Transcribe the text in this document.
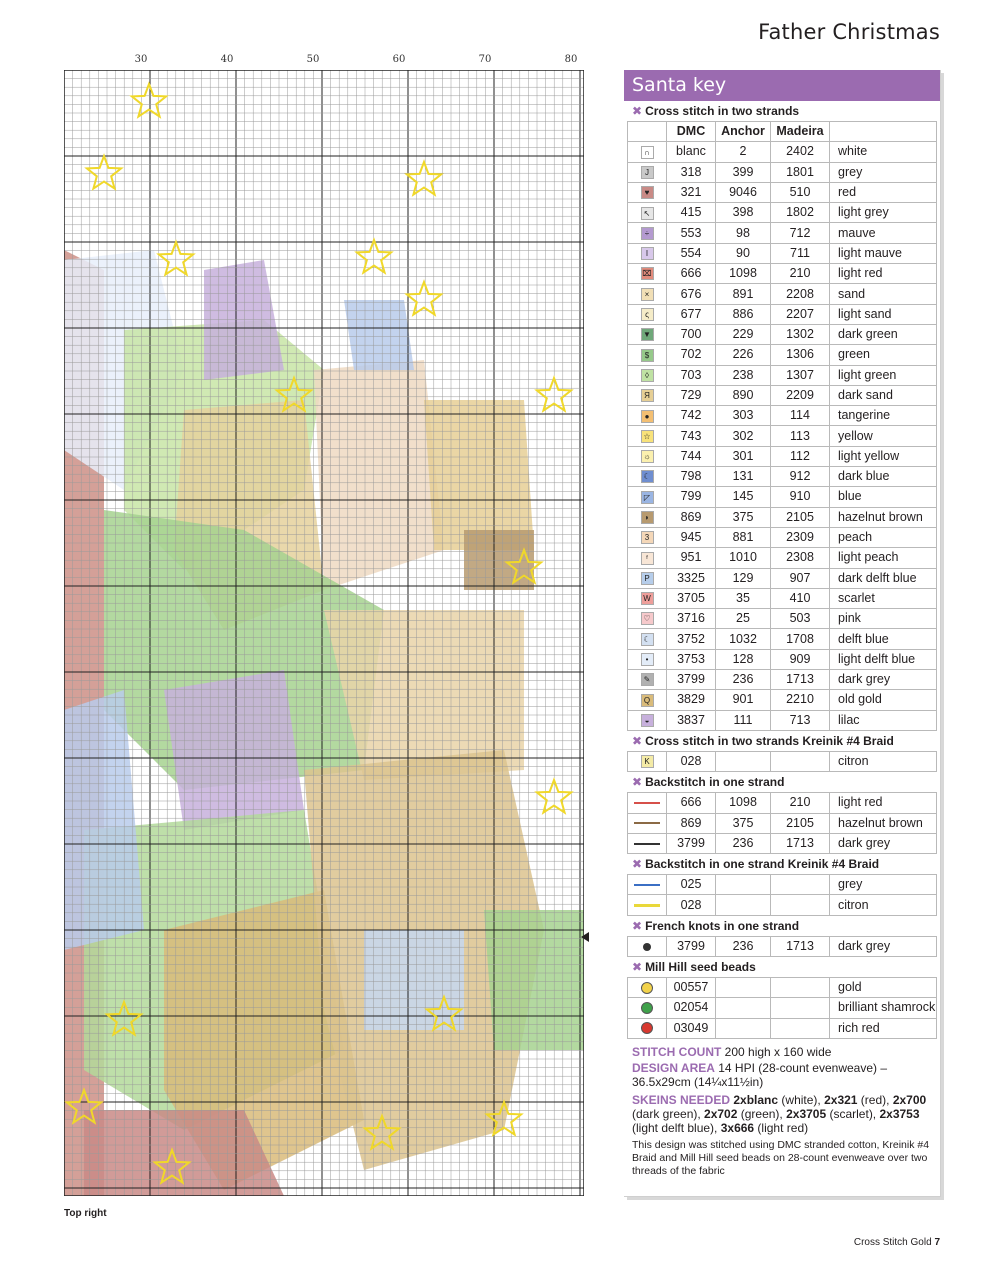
Father Christmas
30	40	50	60	70	80
Top right
Santa key
✖ Cross stitch in two strands
	DMC	Anchor	Madeira	
∩	blanc	2	2402	white
J	318	399	1801	grey
♥	321	9046	510	red
↖	415	398	1802	light grey
÷	553	98	712	mauve
I	554	90	711	light mauve
⌧	666	1098	210	light red
×	676	891	2208	sand
ς	677	886	2207	light sand
▼	700	229	1302	dark green
$	702	226	1306	green
◊	703	238	1307	light green
Я	729	890	2209	dark sand
●	742	303	114	tangerine
☆	743	302	113	yellow
☼	744	301	112	light yellow
☾	798	131	912	dark blue
◸	799	145	910	blue
◗	869	375	2105	hazelnut brown
3	945	881	2309	peach
ᶠ	951	1010	2308	light peach
P	3325	129	907	dark delft blue
W	3705	35	410	scarlet
♡	3716	25	503	pink
☾	3752	1032	1708	delft blue
•	3753	128	909	light delft blue
✎	3799	236	1713	dark grey
Q	3829	901	2210	old gold
◒	3837	111	713	lilac
✖ Cross stitch in two strands Kreinik #4 Braid
K	028			citron
✖ Backstitch in one strand
	666	1098	210	light red
	869	375	2105	hazelnut brown
	3799	236	1713	dark grey
✖ Backstitch in one strand Kreinik #4 Braid
	025			grey
	028			citron
✖ French knots in one strand
	3799	236	1713	dark grey
✖ Mill Hill seed beads
	00557			gold
	02054			brilliant shamrock
	03049			rich red

STITCH COUNT 200 high x 160 wide

DESIGN AREA 14 HPI (28-count evenweave) – 36.5x29cm (14¼x11½in)

SKEINS NEEDED 2xblanc (white), 2x321 (red), 2x700 (dark green), 2x702 (green), 2x3705 (scarlet), 2x3753 (light delft blue), 3x666 (light red)

This design was stitched using DMC stranded cotton, Kreinik #4 Braid and Mill Hill seed beads on 28-count evenweave over two threads of the fabric

Cross Stitch Gold 7
